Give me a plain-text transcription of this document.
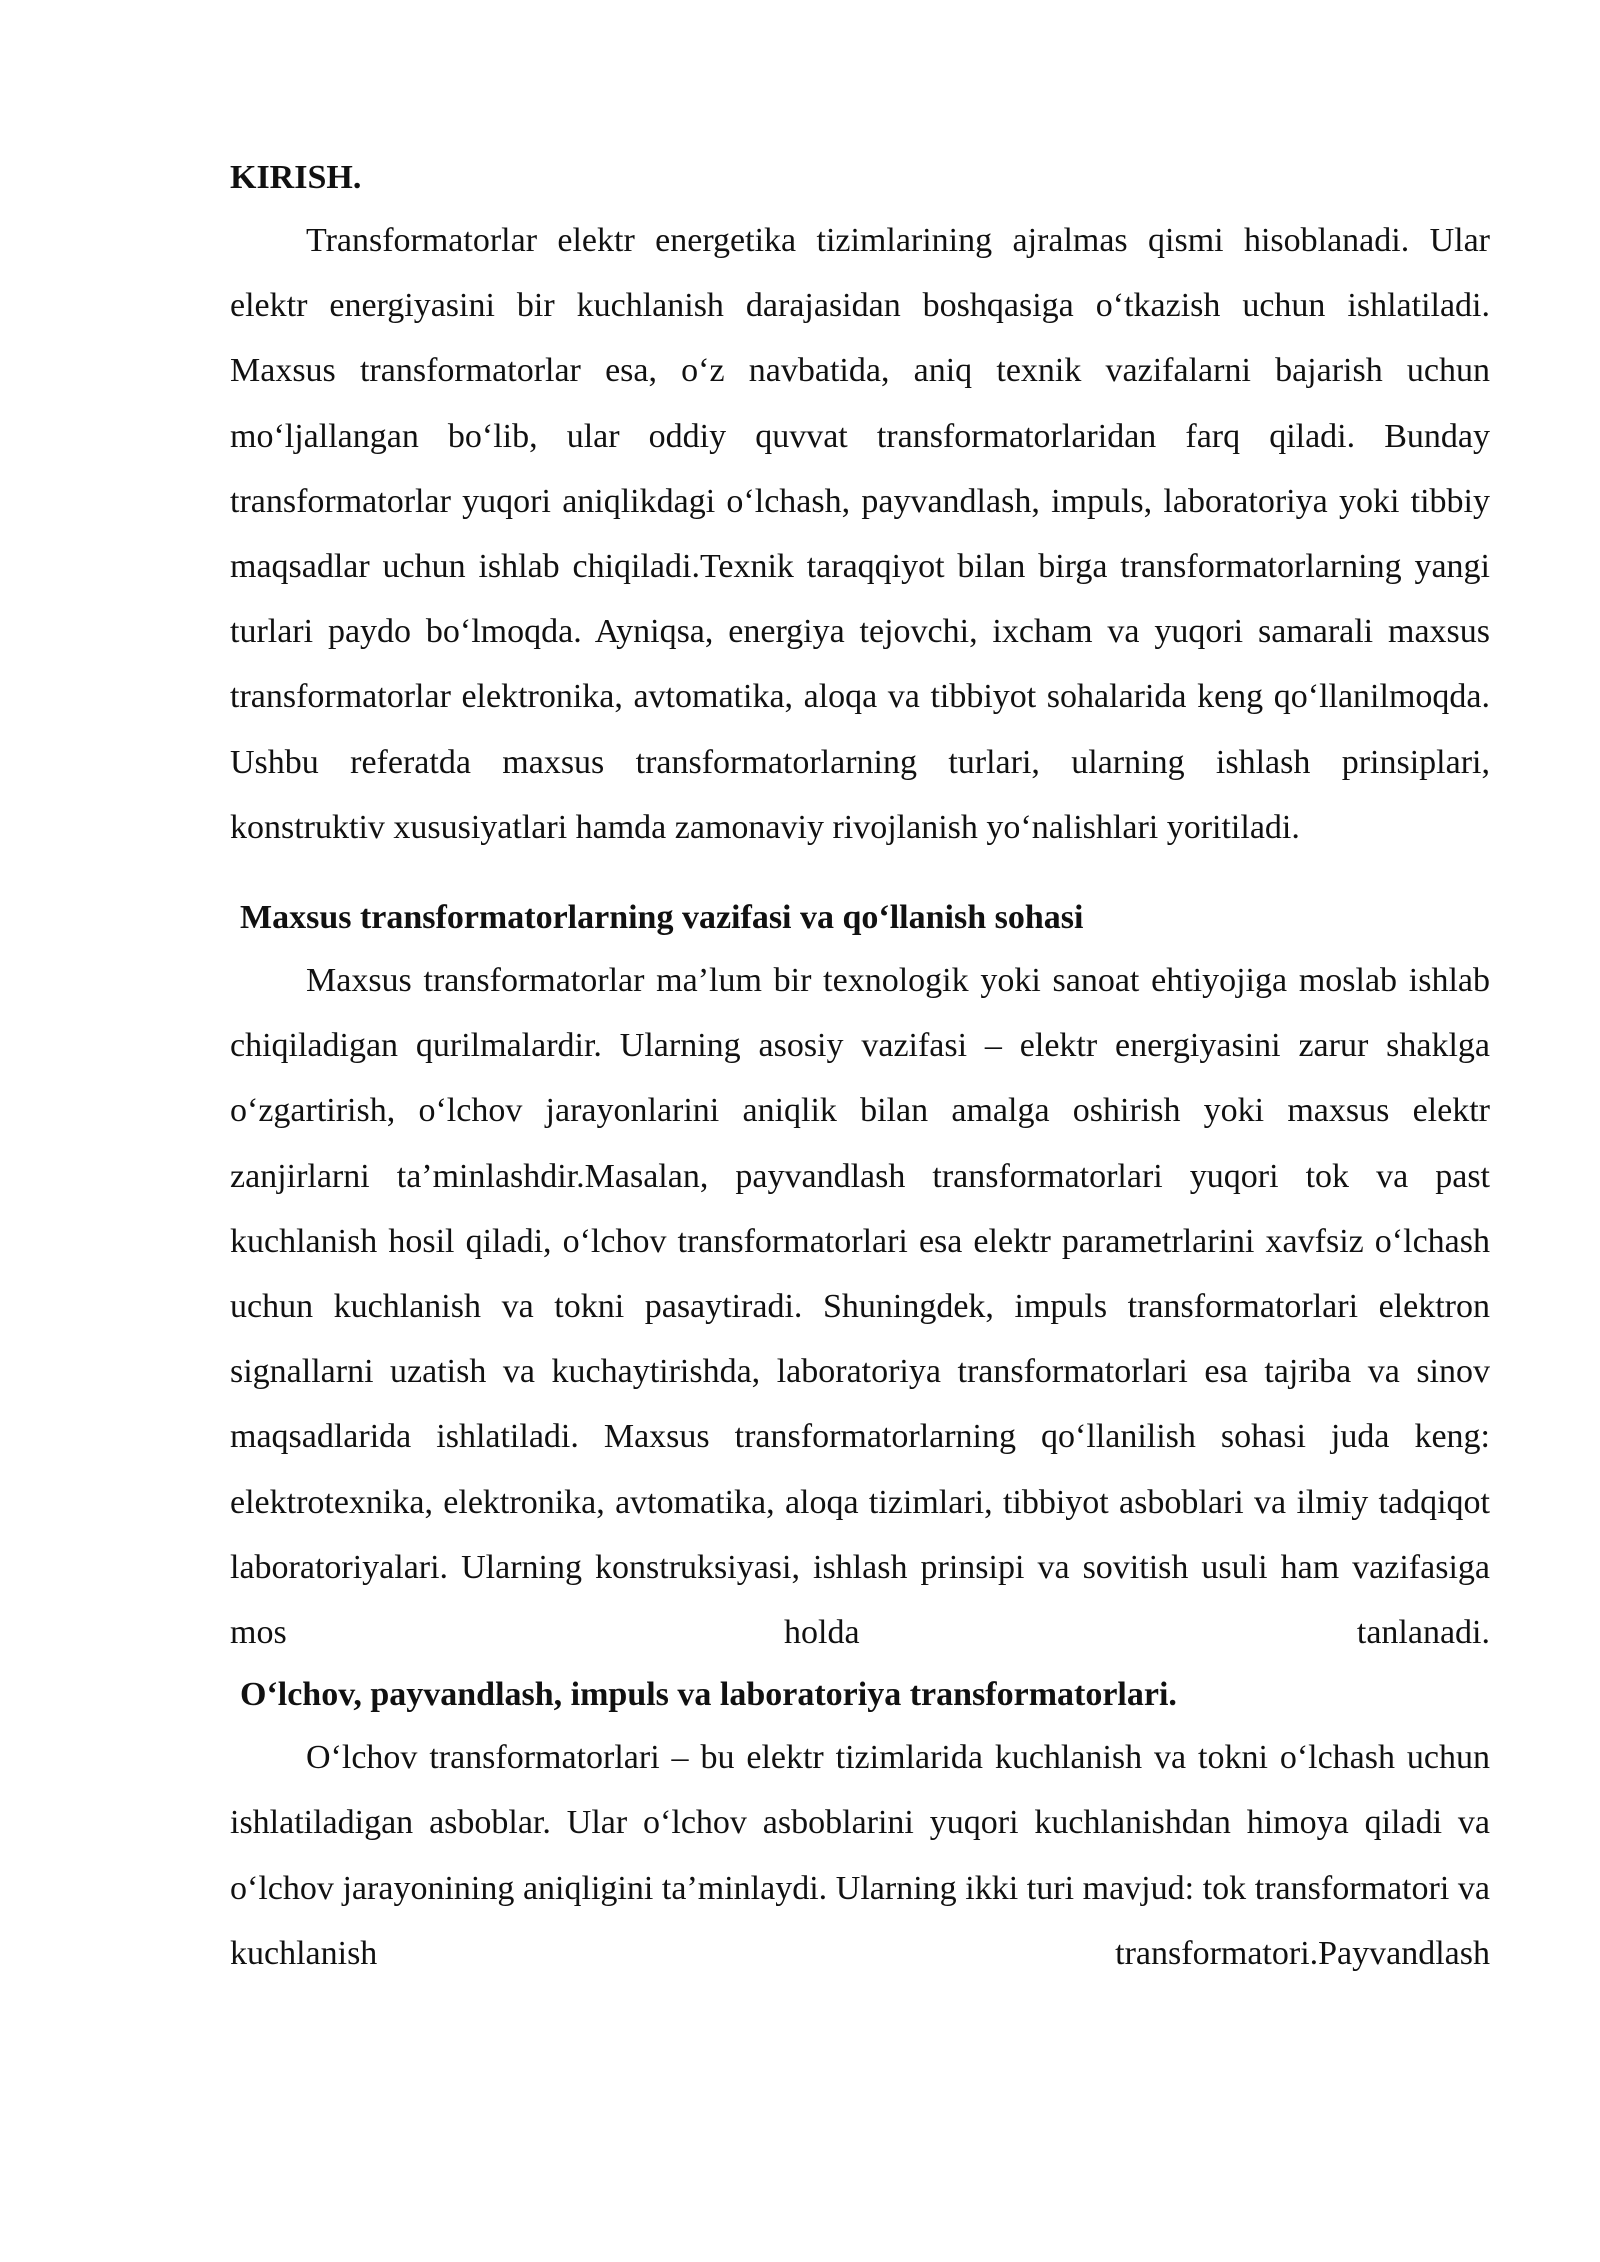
KIRISH.

Transformatorlar elektr energetika tizimlarining ajralmas qismi hisoblanadi. Ular elektr energiyasini bir kuchlanish darajasidan boshqasiga o‘tkazish uchun ishlatiladi. Maxsus transformatorlar esa, o‘z navbatida, aniq texnik vazifalarni bajarish uchun mo‘ljallangan bo‘lib, ular oddiy quvvat transformatorlaridan farq qiladi. Bunday transformatorlar yuqori aniqlikdagi o‘lchash, payvandlash, impuls, laboratoriya yoki tibbiy maqsadlar uchun ishlab chiqiladi.Texnik taraqqiyot bilan birga transformatorlarning yangi turlari paydo bo‘lmoqda. Ayniqsa, energiya tejovchi, ixcham va yuqori samarali maxsus transformatorlar elektronika, avtomatika, aloqa va tibbiyot sohalarida keng qo‘llanilmoqda. Ushbu referatda maxsus transformatorlarning turlari, ularning ishlash prinsiplari, konstruktiv xususiyatlari hamda zamonaviy rivojlanish yo‘nalishlari yoritiladi.

Maxsus transformatorlarning vazifasi va qo‘llanish sohasi

Maxsus transformatorlar ma’lum bir texnologik yoki sanoat ehtiyojiga moslab ishlab chiqiladigan qurilmalardir. Ularning asosiy vazifasi – elektr energiyasini zarur shaklga o‘zgartirish, o‘lchov jarayonlarini aniqlik bilan amalga oshirish yoki maxsus elektr zanjirlarni ta’minlashdir.Masalan, payvandlash transformatorlari yuqori tok va past kuchlanish hosil qiladi, o‘lchov transformatorlari esa elektr parametrlarini xavfsiz o‘lchash uchun kuchlanish va tokni pasaytiradi. Shuningdek, impuls transformatorlari elektron signallarni uzatish va kuchaytirishda, laboratoriya transformatorlari esa tajriba va sinov maqsadlarida ishlatiladi. Maxsus transformatorlarning qo‘llanilish sohasi juda keng: elektrotexnika, elektronika, avtomatika, aloqa tizimlari, tibbiyot asboblari va ilmiy tadqiqot laboratoriyalari. Ularning konstruksiyasi, ishlash prinsipi va sovitish usuli ham vazifasiga mos holda tanlanadi.

O‘lchov, payvandlash, impuls va laboratoriya transformatorlari.

O‘lchov transformatorlari – bu elektr tizimlarida kuchlanish va tokni o‘lchash uchun ishlatiladigan asboblar. Ular o‘lchov asboblarini yuqori kuchlanishdan himoya qiladi va o‘lchov jarayonining aniqligini ta’minlaydi. Ularning ikki turi mavjud: tok transformatori va kuchlanish transformatori.Payvandlash
